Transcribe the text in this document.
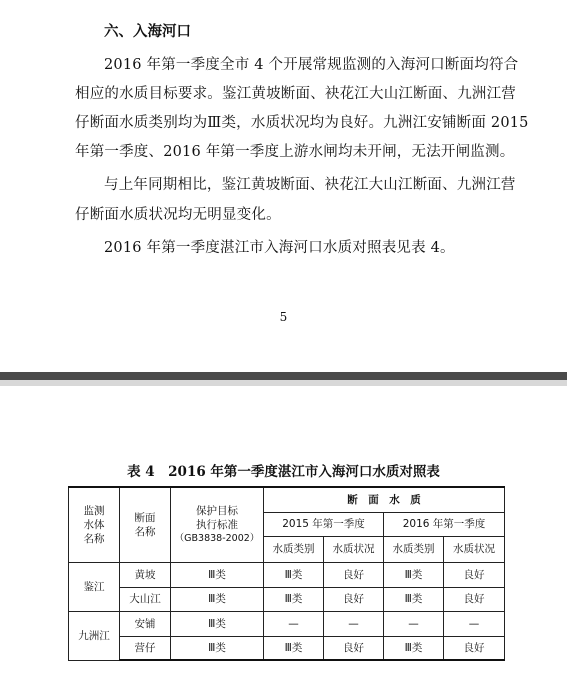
六、入海河口
2016 年第一季度全市 4 个开展常规监测的入海河口断面均符合
相应的水质目标要求。鉴江黄坡断面、袂花江大山江断面、九洲江营
仔断面水质类别均为Ⅲ类，水质状况均为良好。九洲江安铺断面 2015
年第一季度、2016 年第一季度上游水闸均未开闸，无法开闸监测。
与上年同期相比，鉴江黄坡断面、袂花江大山江断面、九洲江营
仔断面水质状况均无明显变化。
2016 年第一季度湛江市入海河口水质对照表见表 4。
5
表 4　2016 年第一季度湛江市入海河口水质对照表
监测水体名称	断面名称	保护目标
执行标准
（GB3838-2002）	断　面　水　质			
			2015 年第一季度		2016 年第一季度	
			水质类别	水质状况	水质类别	水质状况
鉴江	黄坡	Ⅲ类	Ⅲ类	良好	Ⅲ类	良好
	大山江	Ⅲ类	Ⅲ类	良好	Ⅲ类	良好
九洲江	安铺	Ⅲ类	—	—	—	—
	营仔	Ⅲ类	Ⅲ类	良好	Ⅲ类	良好
